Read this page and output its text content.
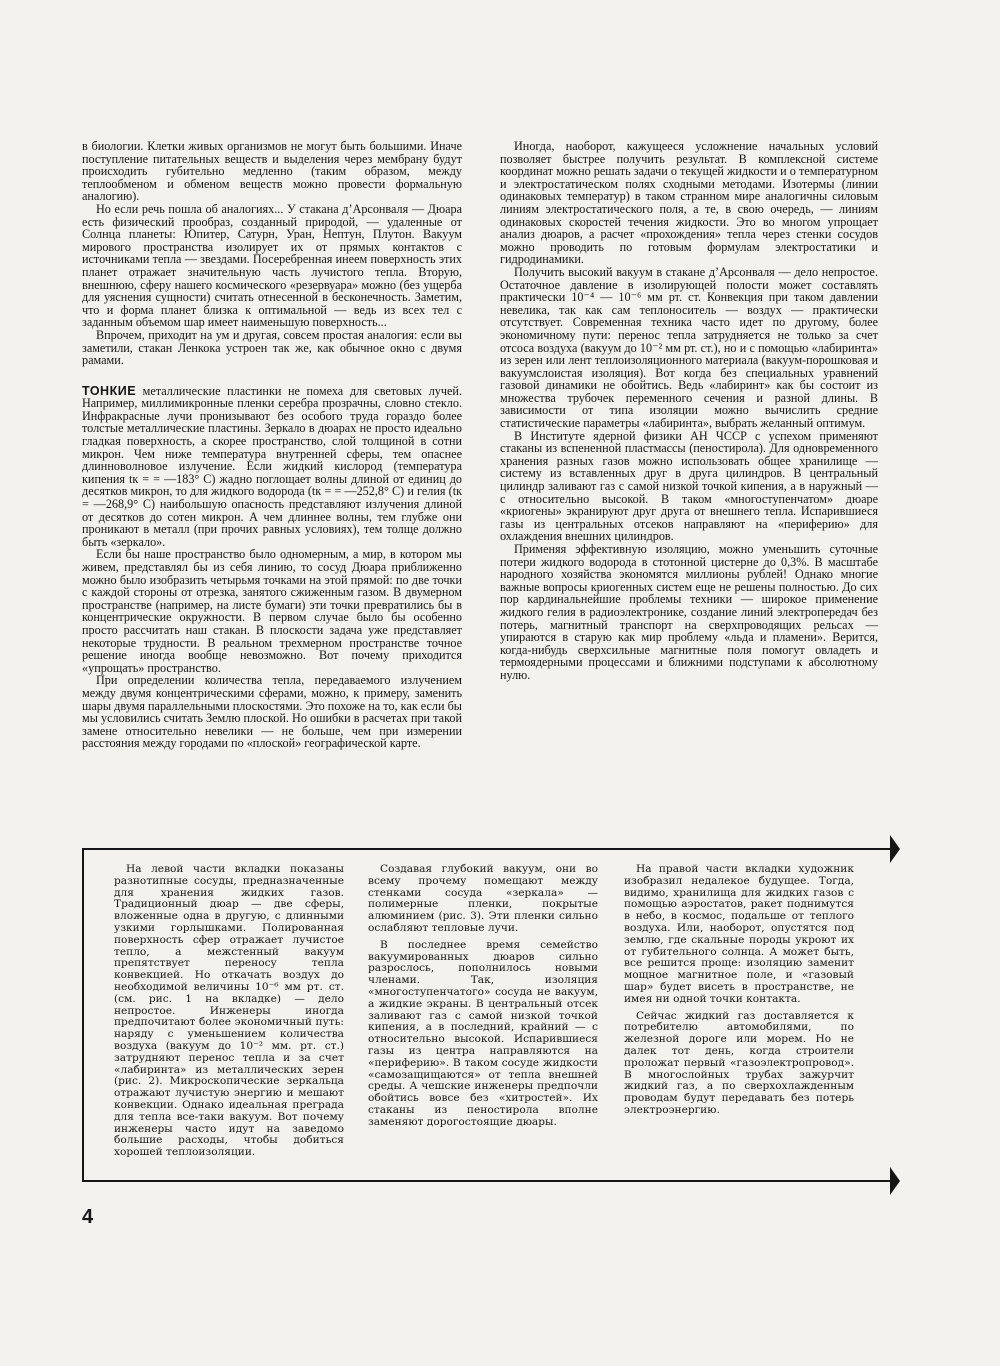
в биологии. Клетки живых организмов не могут быть большими. Иначе поступление питательных веществ и выделения через мембрану будут происходить губительно медленно (таким образом, между теплообменом и обменом веществ можно провести формальную аналогию).

Но если речь пошла об аналогиях... У стакана д’Арсонваля — Дюара есть физический прообраз, созданный природой, — удаленные от Солнца планеты: Юпитер, Сатурн, Уран, Нептун, Плутон. Вакуум мирового пространства изолирует их от прямых контактов с источниками тепла — звездами. Посеребренная инеем поверхность этих планет отражает значительную часть лучистого тепла. Вторую, внешнюю, сферу нашего космического «резервуара» можно (без ущерба для уяснения сущности) считать отнесенной в бесконечность. Заметим, что и форма планет близка к оптимальной — ведь из всех тел с заданным объемом шар имеет наименьшую поверхность...

Впрочем, приходит на ум и другая, совсем простая аналогия: если вы заметили, стакан Ленкока устроен так же, как обычное окно с двумя рамами.

ТОНКИЕ металлические пластинки не помеха для световых лучей. Например, миллимикронные пленки серебра прозрачны, словно стекло. Инфракрасные лучи пронизывают без особого труда гораздо более толстые металлические пластины. Зеркало в дюарах не просто идеально гладкая поверхность, а скорее пространство, слой толщиной в сотни микрон. Чем ниже температура внутренней сферы, тем опаснее длинноволновое излучение. Если жидкий кислород (температура кипения tк = = —183° С) жадно поглощает волны длиной от единиц до десятков микрон, то для жидкого водорода (tк = = —252,8° С) и гелия (tк = —268,9° С) наибольшую опасность представляют излучения длиной от десятков до сотен микрон. А чем длиннее волны, тем глубже они проникают в металл (при прочих равных условиях), тем толще должно быть «зеркало».

Если бы наше пространство было одномерным, а мир, в котором мы живем, представлял бы из себя линию, то сосуд Дюара приближенно можно было изобразить четырьмя точками на этой прямой: по две точки с каждой стороны от отрезка, занятого сжиженным газом. В двумерном пространстве (например, на листе бумаги) эти точки превратились бы в концентрические окружности. В первом случае было бы особенно просто рассчитать наш стакан. В плоскости задача уже представляет некоторые трудности. В реальном трехмерном пространстве точное решение иногда вообще невозможно. Вот почему приходится «упрощать» пространство.

При определении количества тепла, передаваемого излучением между двумя концентрическими сферами, можно, к примеру, заменить шары двумя параллельными плоскостями. Это похоже на то, как если бы мы условились считать Землю плоской. Но ошибки в расчетах при такой замене относительно невелики — не больше, чем при измерении расстояния между городами по «плоской» географической карте.

Иногда, наоборот, кажущееся усложнение начальных условий позволяет быстрее получить результат. В комплексной системе координат можно решать задачи о текущей жидкости и о температурном и электростатическом полях сходными методами. Изотермы (линии одинаковых температур) в таком странном мире аналогичны силовым линиям электростатического поля, а те, в свою очередь, — линиям одинаковых скоростей течения жидкости. Это во многом упрощает анализ дюаров, а расчет «прохождения» тепла через стенки сосудов можно проводить по готовым формулам электростатики и гидродинамики.

Получить высокий вакуум в стакане д’Арсонваля — дело непростое. Остаточное давление в изолирующей полости может составлять практически 10⁻⁴ — 10⁻⁶ мм рт. ст. Конвекция при таком давлении невелика, так как сам теплоноситель — воздух — практически отсутствует. Современная техника часто идет по другому, более экономичному пути: перенос тепла затрудняется не только за счет отсоса воздуха (вакуум до 10⁻² мм рт. ст.), но и с помощью «лабиринта» из зерен или лент теплоизоляционного материала (вакуум-порошковая и вакуумслоистая изоляция). Вот когда без специальных уравнений газовой динамики не обойтись. Ведь «лабиринт» как бы состоит из множества трубочек переменного сечения и разной длины. В зависимости от типа изоляции можно вычислить средние статистические параметры «лабиринта», выбрать желанный оптимум.

В Институте ядерной физики АН ЧССР с успехом применяют стаканы из вспененной пластмассы (пеностирола). Для одновременного хранения разных газов можно использовать общее хранилище — систему из вставленных друг в друга цилиндров. В центральный цилиндр заливают газ с самой низкой точкой кипения, а в наружный — с относительно высокой. В таком «многоступенчатом» дюаре «криогены» экранируют друг друга от внешнего тепла. Испарившиеся газы из центральных отсеков направляют на «периферию» для охлаждения внешних цилиндров.

Применяя эффективную изоляцию, можно уменьшить суточные потери жидкого водорода в стотонной цистерне до 0,3%. В масштабе народного хозяйства экономятся миллионы рублей! Однако многие важные вопросы криогенных систем еще не решены полностью. До сих пор кардинальнейшие проблемы техники — широкое применение жидкого гелия в радиоэлектронике, создание линий электропередач без потерь, магнитный транспорт на сверхпроводящих рельсах — упираются в старую как мир проблему «льда и пламени». Верится, когда-нибудь сверхсильные магнитные поля помогут овладеть и термоядерными процессами и ближними подступами к абсолютному нулю.

На левой части вкладки показаны разнотипные сосуды, предназначенные для хранения жидких газов. Традиционный дюар — две сферы, вложенные одна в другую, с длинными узкими горлышками. Полированная поверхность сфер отражает лучистое тепло, а межстенный вакуум препятствует переносу тепла конвекцией. Но откачать воздух до необходимой величины 10⁻⁶ мм рт. ст. (см. рис. 1 на вкладке) — дело непростое. Инженеры иногда предпочитают более экономичный путь: наряду с уменьшением количества воздуха (вакуум до 10⁻² мм. рт. ст.) затрудняют перенос тепла и за счет «лабиринта» из металлических зерен (рис. 2). Микроскопические зеркальца отражают лучистую энергию и мешают конвекции. Однако идеальная преграда для тепла все-таки вакуум. Вот почему инженеры часто идут на заведомо большие расходы, чтобы добиться хорошей теплоизоляции.

Создавая глубокий вакуум, они во всему прочему помещают между стенками сосуда «зеркала» — полимерные пленки, покрытые алюминием (рис. 3). Эти пленки сильно ослабляют тепловые лучи.

В последнее время семейство вакуумированных дюаров сильно разрослось, пополнилось новыми членами. Так, изоляция «многоступенчатого» сосуда не вакуум, а жидкие экраны. В центральный отсек заливают газ с самой низкой точкой кипения, а в последний, крайний — с относительно высокой. Испарившиеся газы из центра направляются на «периферию». В таком сосуде жидкости «самозащищаются» от тепла внешней среды. А чешские инженеры предпочли обойтись вовсе без «хитростей». Их стаканы из пеностирола вполне заменяют дорогостоящие дюары.

На правой части вкладки художник изобразил недалекое будущее. Тогда, видимо, хранилища для жидких газов с помощью аэростатов, ракет поднимутся в небо, в космос, подальше от теплого воздуха. Или, наоборот, опустятся под землю, где скальные породы укроют их от губительного солнца. А может быть, все решится проще: изоляцию заменит мощное магнитное поле, и «газовый шар» будет висеть в пространстве, не имея ни одной точки контакта.

Сейчас жидкий газ доставляется к потребителю автомобилями, по железной дороге или морем. Но не далек тот день, когда строители проложат первый «газоэлектропровод». В многослойных трубах зажурчит жидкий газ, а по сверхохлажденным проводам будут передавать без потерь электроэнергию.

4
